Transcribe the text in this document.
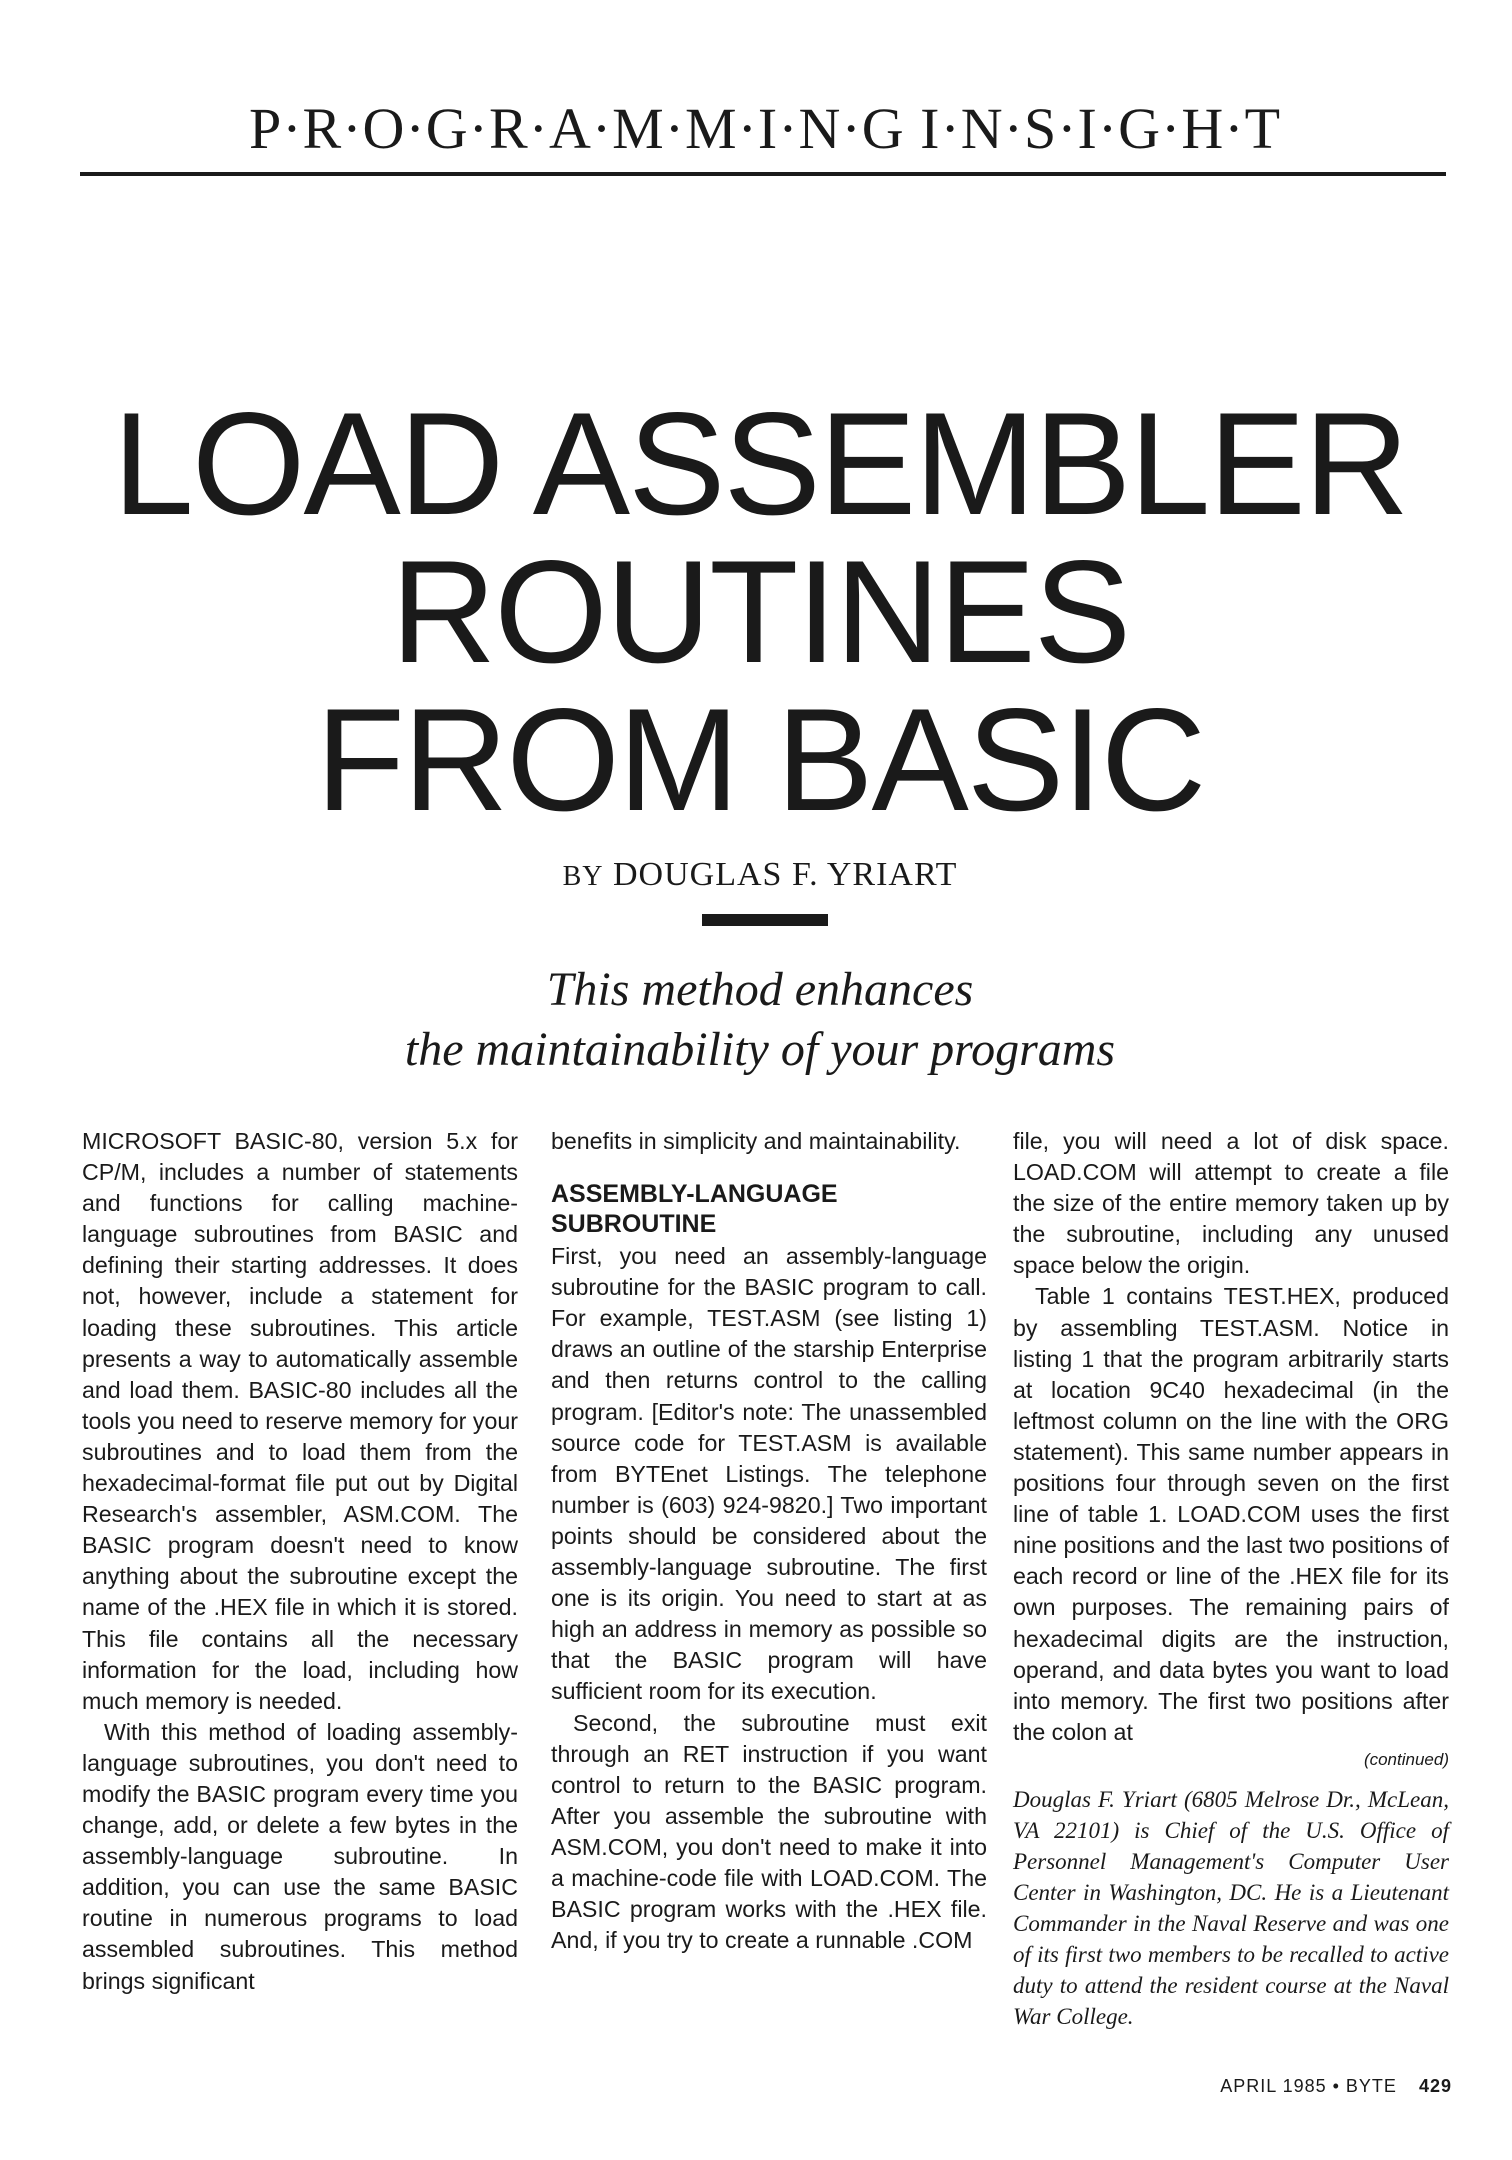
P·R·O·G·R·A·M·M·I·N·G I·N·S·I·G·H·T
LOAD ASSEMBLER
ROUTINES
FROM BASIC
BY DOUGLAS F. YRIART
This method enhances
the maintainability of your programs

MICROSOFT BASIC-80, version 5.x for CP/M, includes a number of statements and functions for calling machine-language subroutines from BASIC and defining their starting addresses. It does not, however, include a statement for loading these subroutines. This article presents a way to automatically assemble and load them. BASIC-80 includes all the tools you need to reserve memory for your subroutines and to load them from the hexadecimal-format file put out by Digital Research's assembler, ASM.COM. The BASIC program doesn't need to know anything about the subroutine except the name of the .HEX file in which it is stored. This file contains all the necessary information for the load, including how much memory is needed.

With this method of loading assembly-language subroutines, you don't need to modify the BASIC program every time you change, add, or delete a few bytes in the assembly-language subroutine. In addition, you can use the same BASIC routine in numerous programs to load assembled subroutines. This method brings significant

benefits in simplicity and maintainability.

ASSEMBLY-LANGUAGE
SUBROUTINE

First, you need an assembly-language subroutine for the BASIC program to call. For example, TEST.ASM (see listing 1) draws an outline of the starship Enterprise and then returns control to the calling program. [Editor's note: The unassembled source code for TEST.ASM is available from BYTEnet Listings. The telephone number is (603) 924-9820.] Two important points should be considered about the assembly-language subroutine. The first one is its origin. You need to start at as high an address in memory as possible so that the BASIC program will have sufficient room for its execution.

Second, the subroutine must exit through an RET instruction if you want control to return to the BASIC program. After you assemble the subroutine with ASM.COM, you don't need to make it into a machine-code file with LOAD.COM. The BASIC program works with the .HEX file. And, if you try to create a runnable .COM

file, you will need a lot of disk space. LOAD.COM will attempt to create a file the size of the entire memory taken up by the subroutine, including any unused space below the origin.

Table 1 contains TEST.HEX, produced by assembling TEST.ASM. Notice in listing 1 that the program arbitrarily starts at location 9C40 hexadecimal (in the leftmost column on the line with the ORG statement). This same number appears in positions four through seven on the first line of table 1. LOAD.COM uses the first nine positions and the last two positions of each record or line of the .HEX file for its own purposes. The remaining pairs of hexadecimal digits are the instruction, operand, and data bytes you want to load into memory. The first two positions after the colon at

(continued)
Douglas F. Yriart (6805 Melrose Dr., McLean, VA 22101) is Chief of the U.S. Office of Personnel Management's Computer User Center in Washington, DC. He is a Lieutenant Commander in the Naval Reserve and was one of its first two members to be recalled to active duty to attend the resident course at the Naval War College.
APRIL 1985 • BYTE 429
